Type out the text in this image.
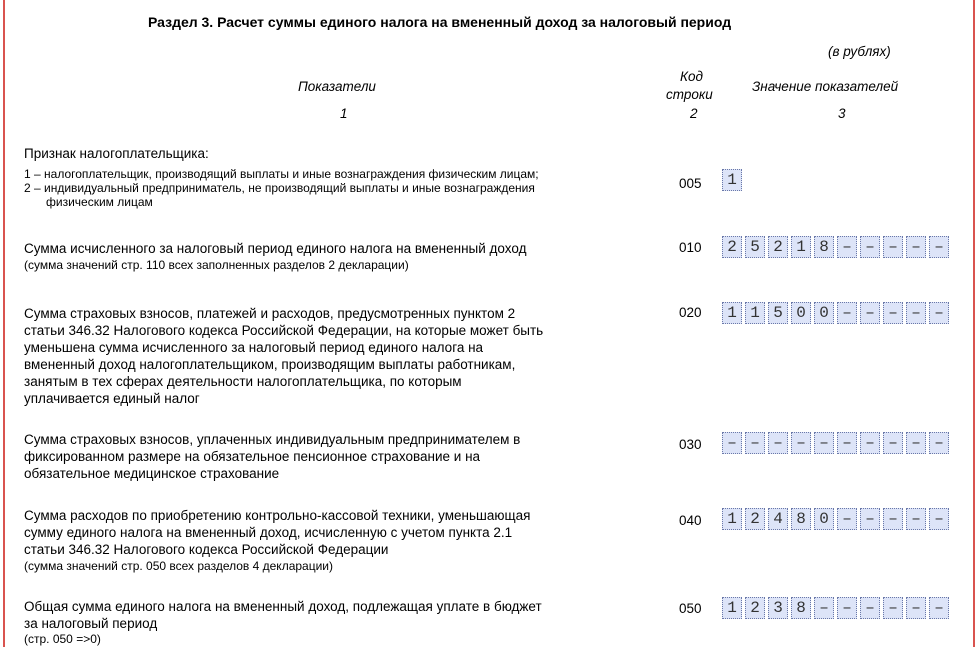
Раздел 3. Расчет суммы единого налога на вмененный доход за налоговый период
(в рублях)
Показатели
Код
строки
Значение показателей
1	2	3
Признак налогоплательщика:
1 – налогоплательщик, производящий выплаты и иные вознаграждения физическим лицам;
2 – индивидуальный предприниматель, не производящий выплаты и иные вознаграждения
физическим лицам
005	1
Сумма исчисленного за налоговый период единого налога на вмененный доход
(сумма значений стр. 110 всех заполненных разделов 2 декларации)
010	2 5 2 1 8 – – – – –
Сумма страховых взносов, платежей и расходов, предусмотренных пунктом 2
статьи 346.32 Налогового кодекса Российской Федерации, на которые может быть
уменьшена сумма исчисленного за налоговый период единого налога на
вмененный доход налогоплательщиком, производящим выплаты работникам,
занятым в тех сферах деятельности налогоплательщика, по которым
уплачивается единый налог
020	1 1 5 0 0 – – – – –
Сумма страховых взносов, уплаченных индивидуальным предпринимателем в
фиксированном размере на обязательное пенсионное страхование и на
обязательное медицинское страхование
030	– – – – – – – – – –
Сумма расходов по приобретению контрольно-кассовой техники, уменьшающая
сумму единого налога на вмененный доход, исчисленную с учетом пункта 2.1
статьи 346.32 Налогового кодекса Российской Федерации
(сумма значений стр. 050 всех разделов 4 декларации)
040	1 2 4 8 0 – – – – –
Общая сумма единого налога на вмененный доход, подлежащая уплате в бюджет
за налоговый период
(стр. 050 =>0)
050	1 2 3 8 – – – – – –
